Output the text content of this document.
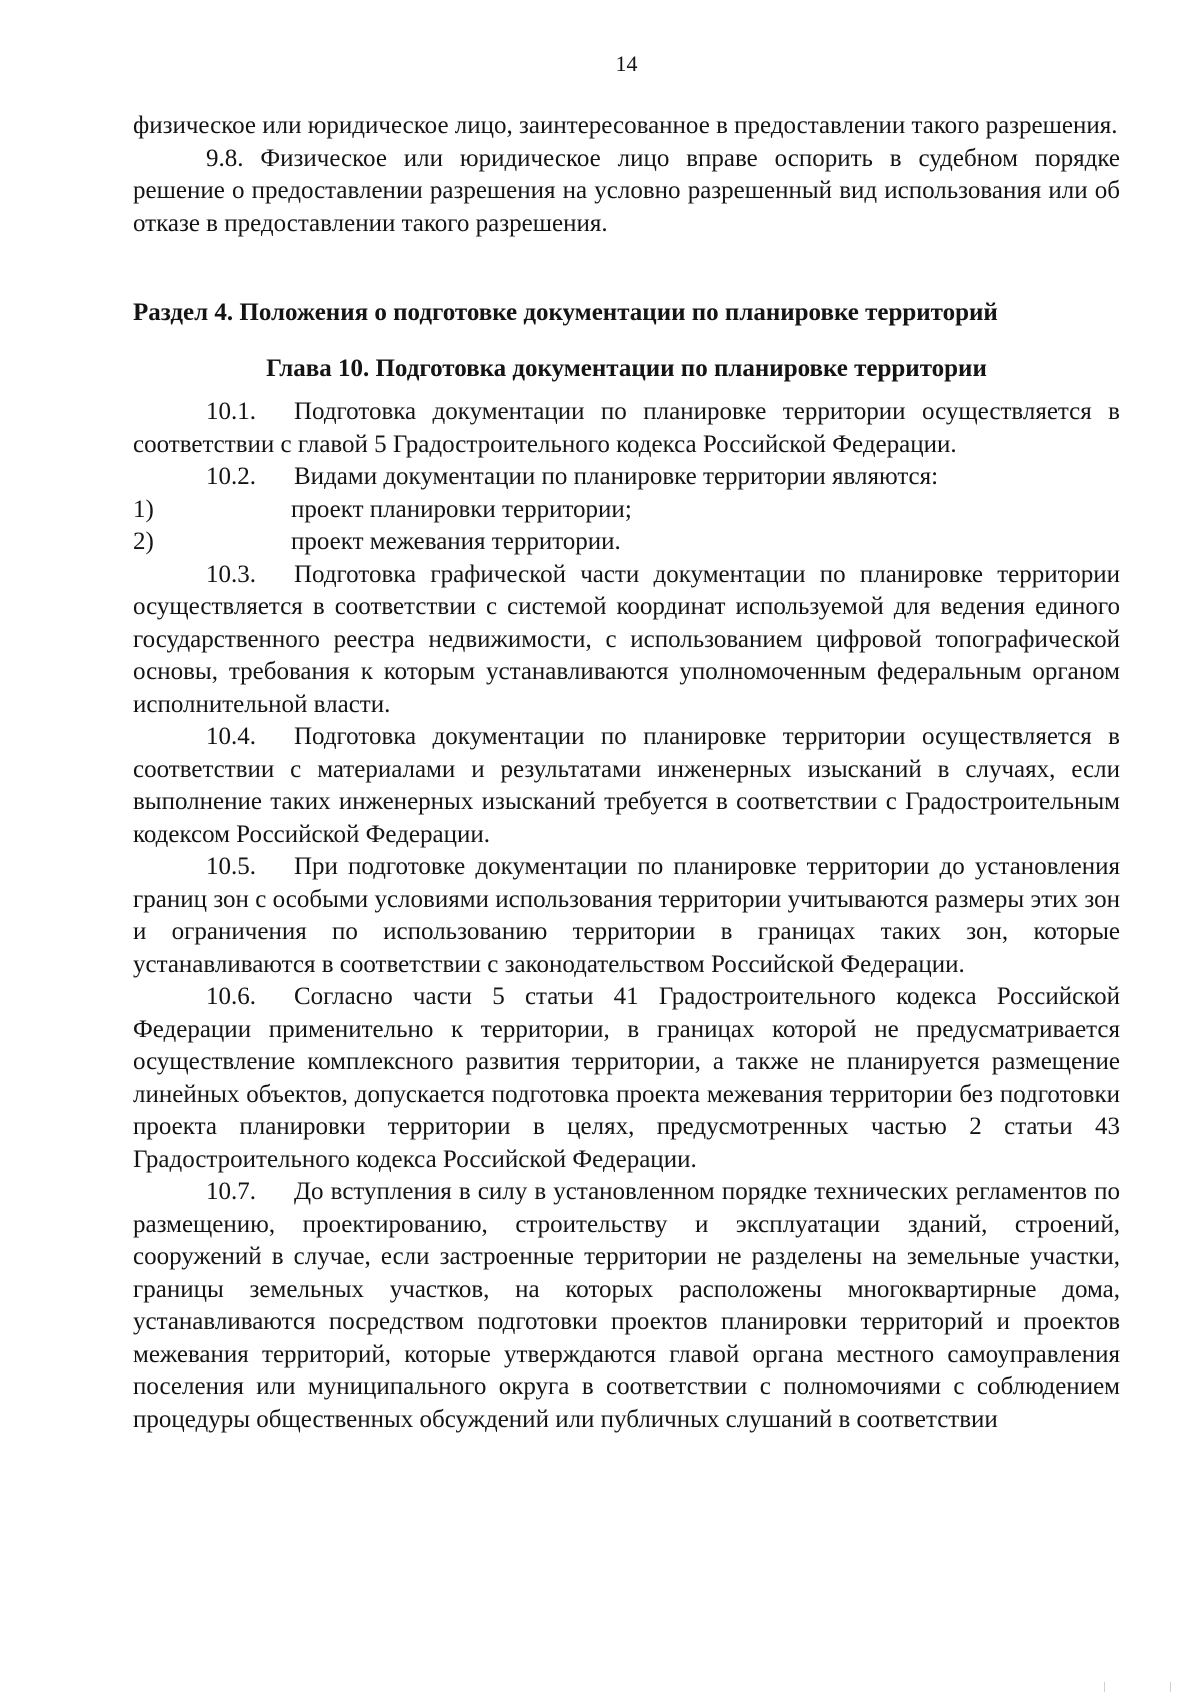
14

физическое или юридическое лицо, заинтересованное в предоставлении такого разрешения.

9.8. Физическое или юридическое лицо вправе оспорить в судебном порядке решение о предоставлении разрешения на условно разрешенный вид использования или об отказе в предоставлении такого разрешения.

Раздел 4. Положения о подготовке документации по планировке территорий
Глава 10. Подготовка документации по планировке территории

10.1. Подготовка документации по планировке территории осуществляется в соответствии с главой 5 Градостроительного кодекса Российской Федерации.

10.2. Видами документации по планировке территории являются:

1)	проект планировки территории;

2)	проект межевания территории.

10.3. Подготовка графической части документации по планировке территории осуществляется в соответствии с системой координат используемой для ведения единого государственного реестра недвижимости, с использованием цифровой топографической основы, требования к которым устанавливаются уполномоченным федеральным органом исполнительной власти.

10.4. Подготовка документации по планировке территории осуществляется в соответствии с материалами и результатами инженерных изысканий в случаях, если выполнение таких инженерных изысканий требуется в соответствии с Градостроительным кодексом Российской Федерации.

10.5. При подготовке документации по планировке территории до установления границ зон с особыми условиями использования территории учитываются размеры этих зон и ограничения по использованию территории в границах таких зон, которые устанавливаются в соответствии с законодательством Российской Федерации.

10.6. Согласно части 5 статьи 41 Градостроительного кодекса Российской Федерации применительно к территории, в границах которой не предусматривается осуществление комплексного развития территории, а также не планируется размещение линейных объектов, допускается подготовка проекта межевания территории без подготовки проекта планировки территории в целях, предусмотренных частью 2 статьи 43 Градостроительного кодекса Российской Федерации.

10.7. До вступления в силу в установленном порядке технических регламентов по размещению, проектированию, строительству и эксплуатации зданий, строений, сооружений в случае, если застроенные территории не разделены на земельные участки, границы земельных участков, на которых расположены многоквартирные дома, устанавливаются посредством подготовки проектов планировки территорий и проектов межевания территорий, которые утверждаются главой органа местного самоуправления поселения или муниципального округа в соответствии с полномочиями с соблюдением процедуры общественных обсуждений или публичных слушаний в соответствии
